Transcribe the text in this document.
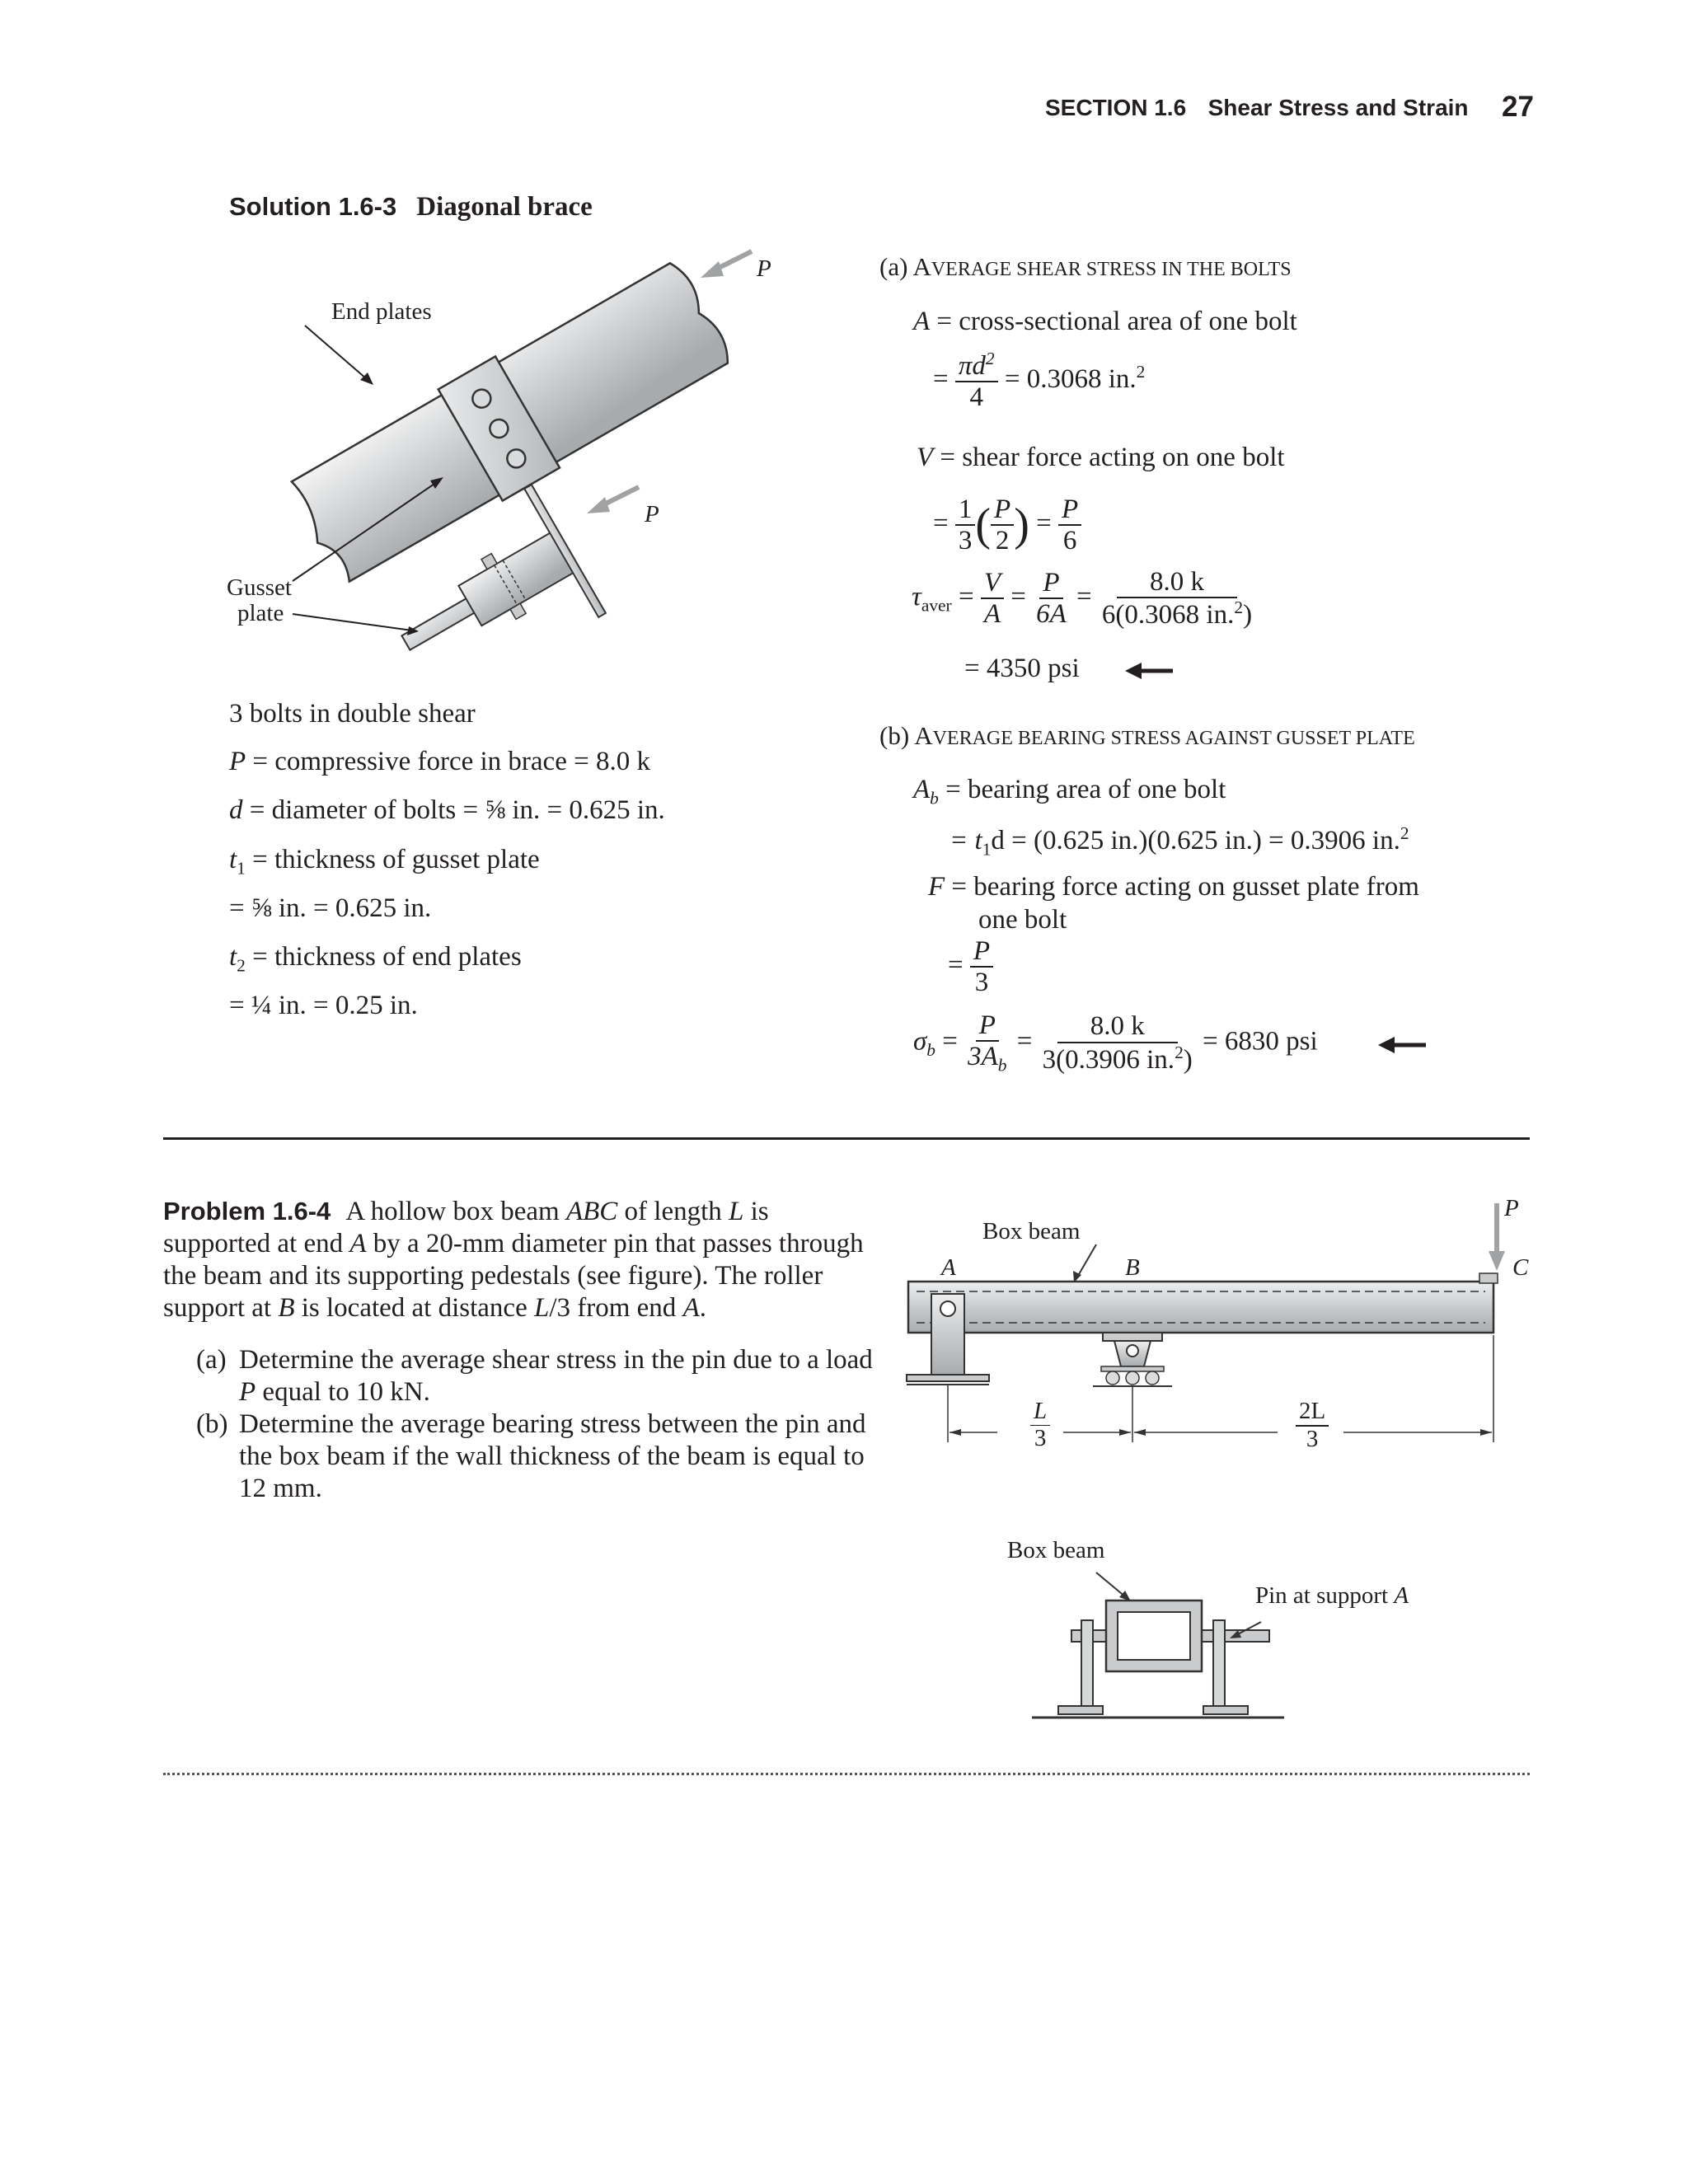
SECTION 1.6 Shear Stress and Strain 27
Solution 1.6-3 Diagonal brace
End plates
P
P
Gusset
plate
3 bolts in double shear
P = compressive force in brace = 8.0 k
d = diameter of bolts = ⅝ in. = 0.625 in.
$t_1$ = thickness of gusset plate
= ⅝ in. = 0.625 in.
$t_2$ = thickness of end plates
= ¼ in. = 0.25 in.
(a) AVERAGE SHEAR STRESS IN THE BOLTS
A = cross-sectional area of one bolt
= $\frac{\pi d^2}{4} = 0.3068$ in.$^2$
V = shear force acting on one bolt
= $\frac{1}{3}$ ( $\frac{P}{2}$ ) = $\frac{P}{6}$
$\tau_{aver} = \frac{V}{A} = \frac{P}{6A} = \frac{8.0 k}{6(0.3068 in.^2)}$
= 4350 psi
(b) AVERAGE BEARING STRESS AGAINST GUSSET PLATE
$A_b$ = bearing area of one bolt
= $t_1d = (0.625$ in.)(0.625 in.) = 0.3906 in.$^2$
F = bearing force acting on gusset plate from
one bolt
= $\frac{P}{3}$
$\sigma_b = \frac{P}{3A_b} = \frac{8.0 k}{3(0.3906 in.^2)} = 6830$ psi
Problem 1.6-4 A hollow box beam ABC of length L is
supported at end A by a 20-mm diameter pin that passes through
the beam and its supporting pedestals (see figure). The roller
support at B is located at distance L/3 from end A.
(a) Determine the average shear stress in the pin due to a load
P equal to 10 kN.
(b) Determine the average bearing stress between the pin and
the box beam if the wall thickness of the beam is equal to
12 mm.
Box beam
A	B	C
P
$\frac{L}{3}$	$\frac{2L}{3}$
Box beam
Pin at support A
